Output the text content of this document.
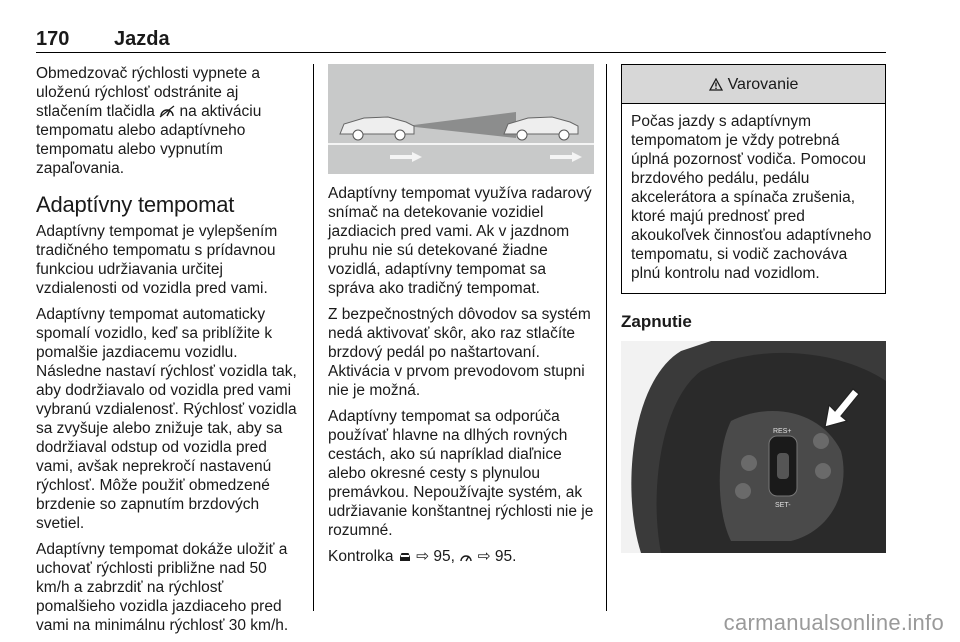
170 Jazda

Obmedzovač rýchlosti vypnete a uloženú rýchlosť odstránite aj stlačením tlačidla na aktiváciu tempomatu alebo adaptívneho tempomatu alebo vypnutím zapaľovania.

Adaptívny tempomat

Adaptívny tempomat je vylepšením tradičného tempomatu s prídavnou funkciou udržiavania určitej vzdialenosti od vozidla pred vami.

Adaptívny tempomat automaticky spomalí vozidlo, keď sa priblížite k pomalšie jazdiacemu vozidlu. Následne nastaví rýchlosť vozidla tak, aby dodržiavalo od vozidla pred vami vybranú vzdialenosť. Rýchlosť vozidla sa zvyšuje alebo znižuje tak, aby sa dodržiaval odstup od vozidla pred vami, avšak neprekročí nastavenú rýchlosť. Môže použiť obmedzené brzdenie so zapnutím brzdových svetiel.

Adaptívny tempomat dokáže uložiť a uchovať rýchlosti približne nad 50 km/h a zabrzdiť na rýchlosť pomalšieho vozidla jazdiaceho pred vami na minimálnu rýchlosť 30 km/h.

Adaptívny tempomat využíva radarový snímač na detekovanie vozidiel jazdiacich pred vami. Ak v jazdnom pruhu nie sú detekované žiadne vozidlá, adaptívny tempomat sa správa ako tradičný tempomat.

Z bezpečnostných dôvodov sa systém nedá aktivovať skôr, ako raz stlačíte brzdový pedál po naštartovaní. Aktivácia v prvom prevodovom stupni nie je možná.

Adaptívny tempomat sa odporúča používať hlavne na dlhých rovných cestách, ako sú napríklad diaľnice alebo okresné cesty s plynulou premávkou. Nepoužívajte systém, ak udržiavanie konštantnej rýchlosti nie je rozumné.

Kontrolka ⇨ 95, ⇨ 95.

Varovanie
Počas jazdy s adaptívnym tempomatom je vždy potrebná úplná pozornosť vodiča. Pomocou brzdového pedálu, pedálu akcelerátora a spínača zrušenia, ktoré majú prednosť pred akoukoľvek činnosťou adaptívneho tempomatu, si vodič zachováva plnú kontrolu nad vozidlom.
Zapnutie
RES+
SET-
carmanualsonline.info
